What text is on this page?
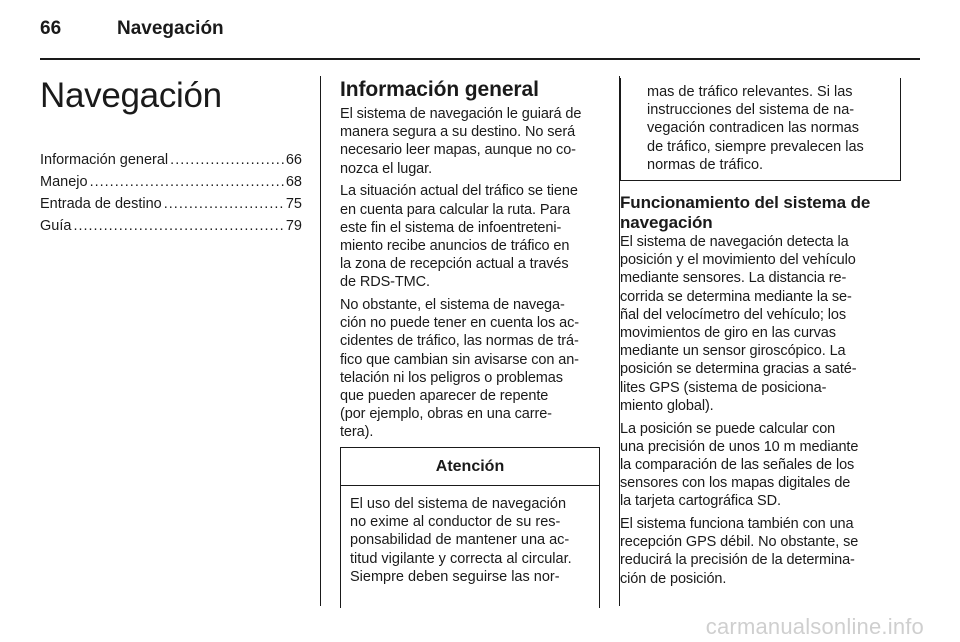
66	Navegación
Navegación
Información general .....	66
Manejo .....	68
Entrada de destino .....	75
Guía .....	79
Información general

El sistema de navegación le guiará de
manera segura a su destino. No será
necesario leer mapas, aunque no co-
nozca el lugar.

La situación actual del tráfico se tiene
en cuenta para calcular la ruta. Para
este fin el sistema de infoentreteni-
miento recibe anuncios de tráfico en
la zona de recepción actual a través
de RDS-TMC.

No obstante, el sistema de navega-
ción no puede tener en cuenta los ac-
cidentes de tráfico, las normas de trá-
fico que cambian sin avisarse con an-
telación ni los peligros o problemas
que pueden aparecer de repente
(por ejemplo, obras en una carre-
tera).

Atención
El uso del sistema de navegación
no exime al conductor de su res-
ponsabilidad de mantener una ac-
titud vigilante y correcta al circular.
Siempre deben seguirse las nor-
mas de tráfico relevantes. Si las
instrucciones del sistema de na-
vegación contradicen las normas
de tráfico, siempre prevalecen las
normas de tráfico.
Funcionamiento del sistema de
navegación

El sistema de navegación detecta la
posición y el movimiento del vehículo
mediante sensores. La distancia re-
corrida se determina mediante la se-
ñal del velocímetro del vehículo; los
movimientos de giro en las curvas
mediante un sensor giroscópico. La
posición se determina gracias a saté-
lites GPS (sistema de posiciona-
miento global).

La posición se puede calcular con
una precisión de unos 10 m mediante
la comparación de las señales de los
sensores con los mapas digitales de
la tarjeta cartográfica SD.

El sistema funciona también con una
recepción GPS débil. No obstante, se
reducirá la precisión de la determina-
ción de posición.

carmanualsonline.info
